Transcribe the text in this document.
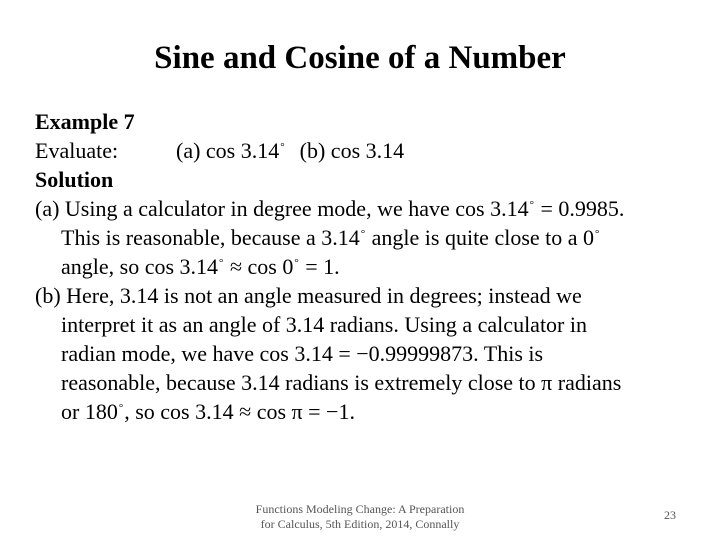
Sine and Cosine of a Number
Example 7
Evaluate:	(a) cos 3.14° (b) cos 3.14
Solution
(a) Using a calculator in degree mode, we have cos 3.14° = 0.9985.
This is reasonable, because a 3.14° angle is quite close to a 0°
angle, so cos 3.14° ≈ cos 0° = 1.
(b) Here, 3.14 is not an angle measured in degrees; instead we
interpret it as an angle of 3.14 radians. Using a calculator in
radian mode, we have cos 3.14 = −0.99999873. This is
reasonable, because 3.14 radians is extremely close to π radians
or 180°, so cos 3.14 ≈ cos π = −1.
Functions Modeling Change: A Preparation
for Calculus, 5th Edition, 2014, Connally
23
